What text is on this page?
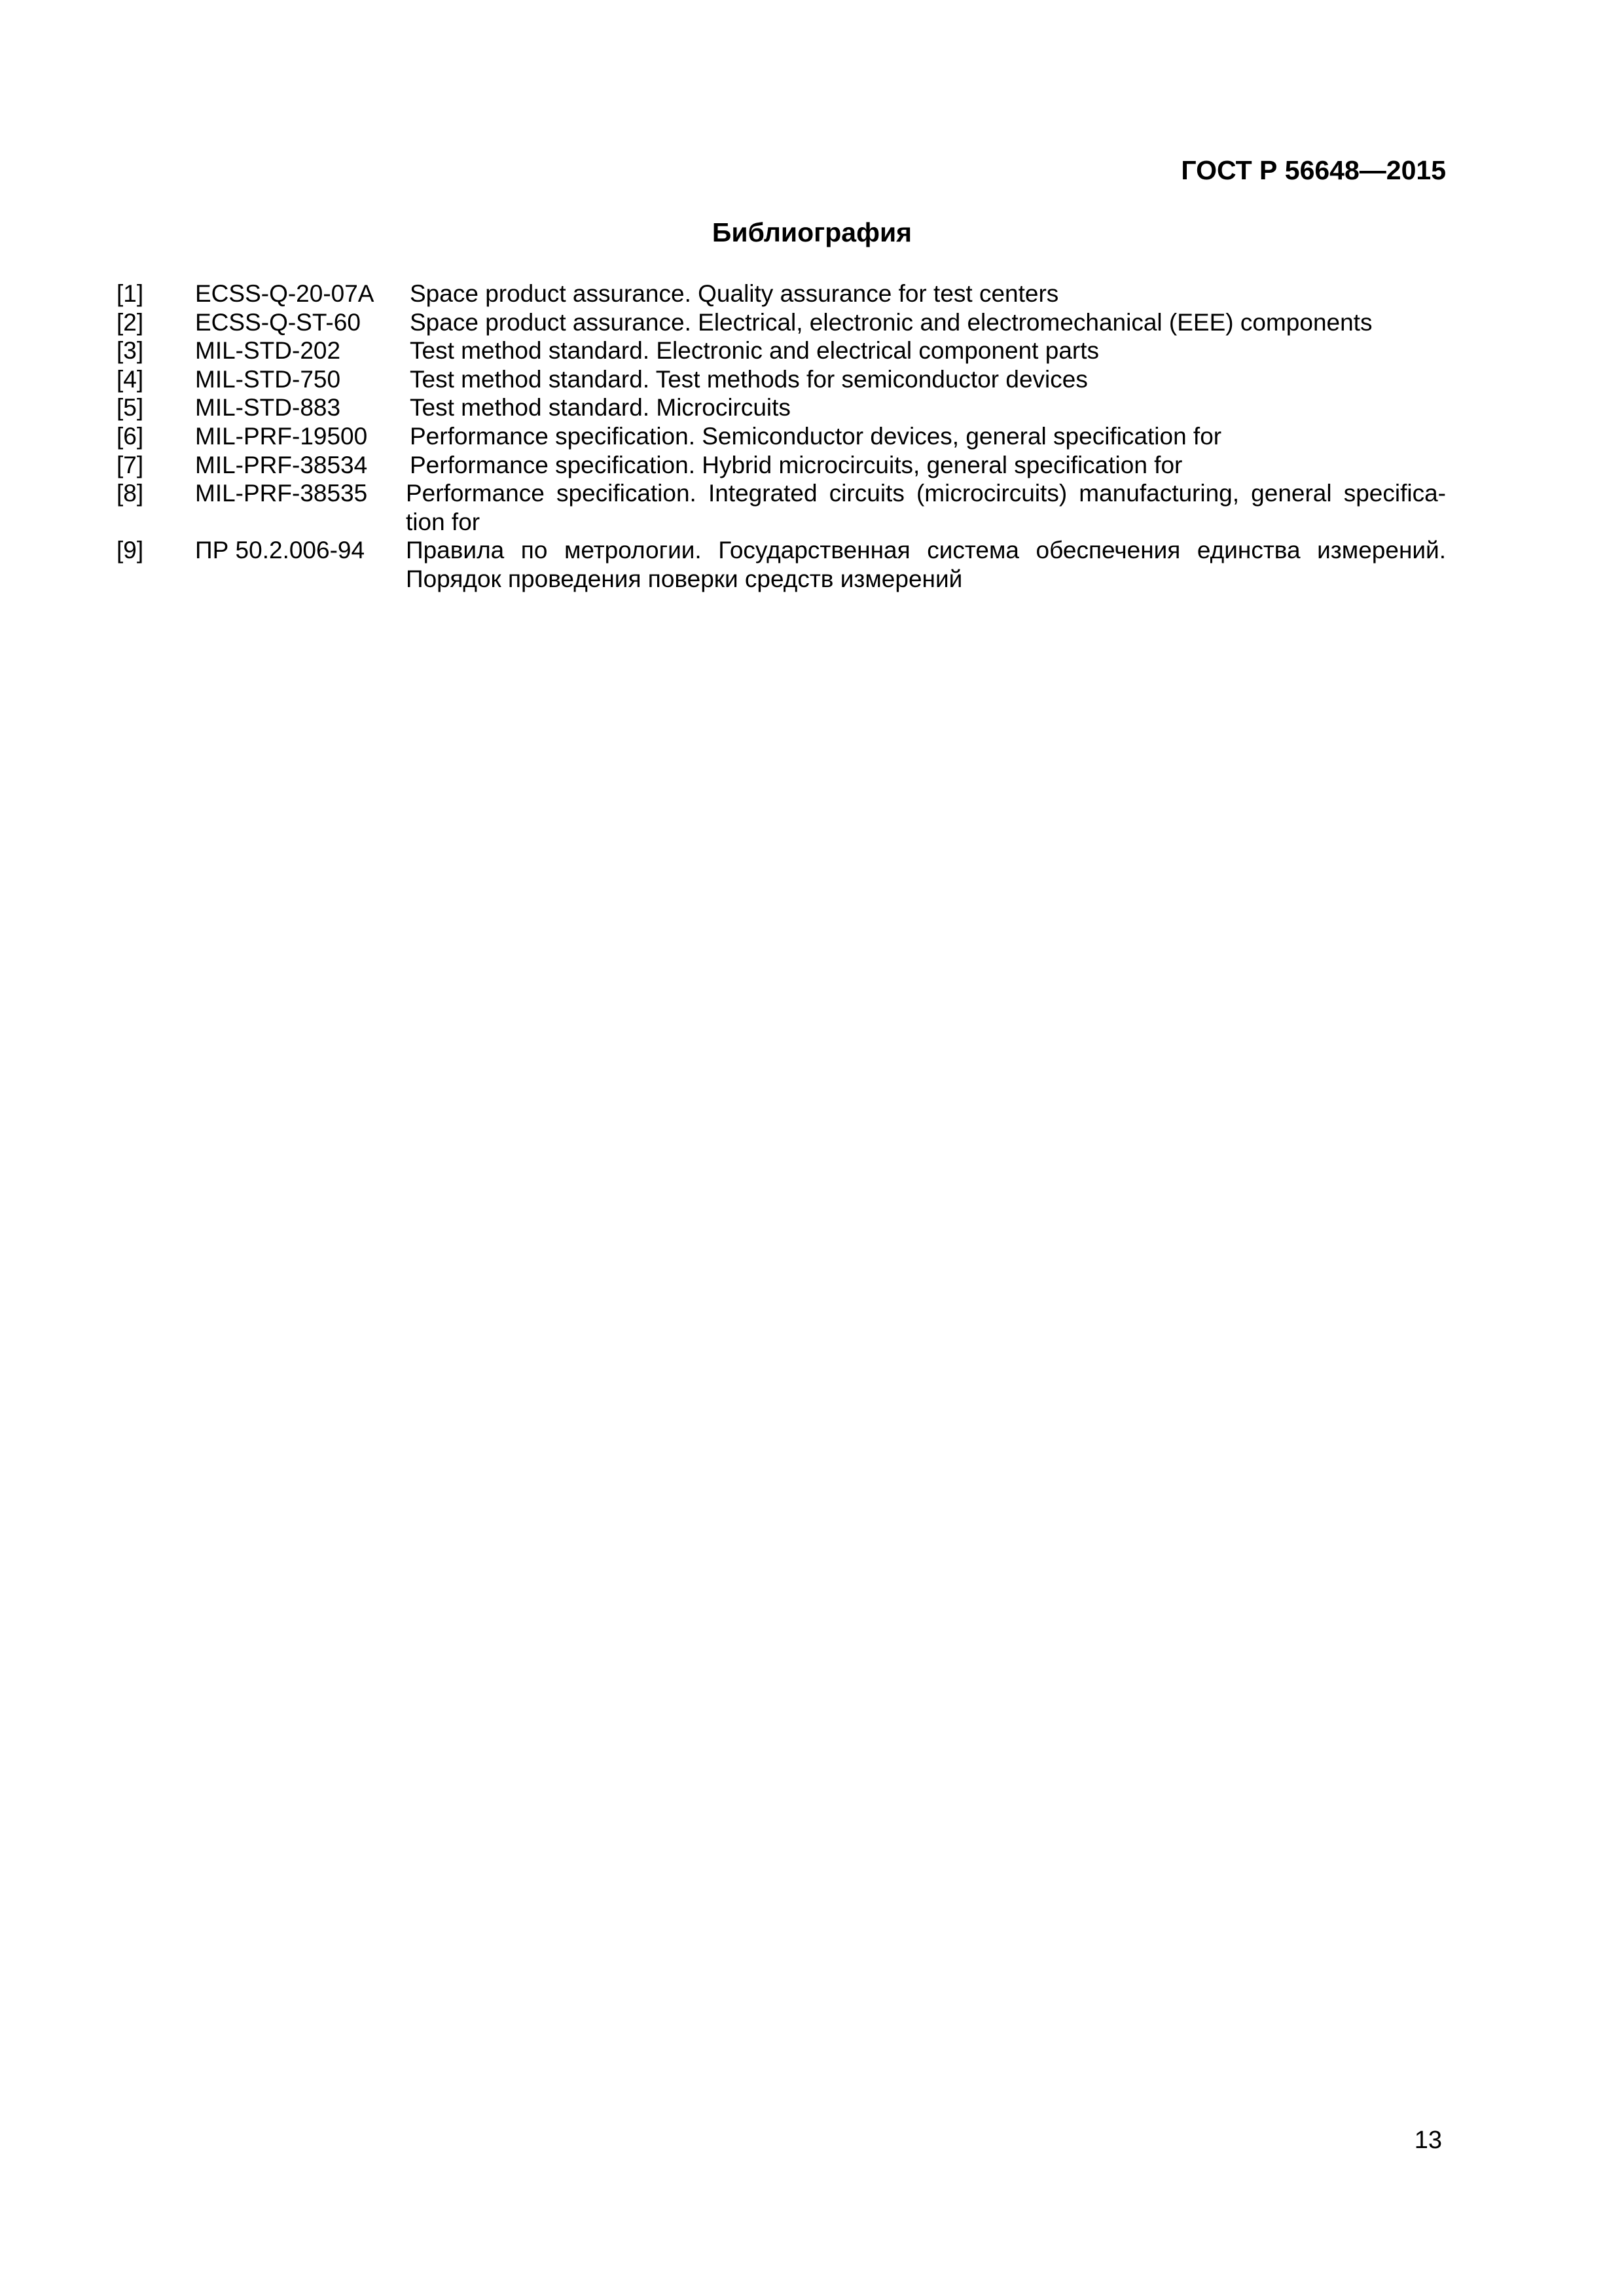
ГОСТ Р 56648—2015
Библиография
[1] ECSS-Q-20-07A Space product assurance. Quality assurance for test centers
[2] ECSS-Q-ST-60 Space product assurance. Electrical, electronic and electromechanical (EEE) components
[3] MIL-STD-202	Test method standard. Electronic and electrical component parts
[4] MIL-STD-750	Test method standard. Test methods for semiconductor devices
[5] MIL-STD-883	Test method standard. Microcircuits
[6] MIL-PRF-19500 Performance specification. Semiconductor devices, general specification for
[7] MIL-PRF-38534 Performance specification. Hybrid microcircuits, general specification for
[8] MIL-PRF-38535 Performance specification. Integrated circuits (microcircuits) manufacturing, general specifica-tion for
[9] ПР 50.2.006-94 Правила по метрологии. Государственная система обеспечения единства измерений. Порядок проведения поверки средств измерений
13
